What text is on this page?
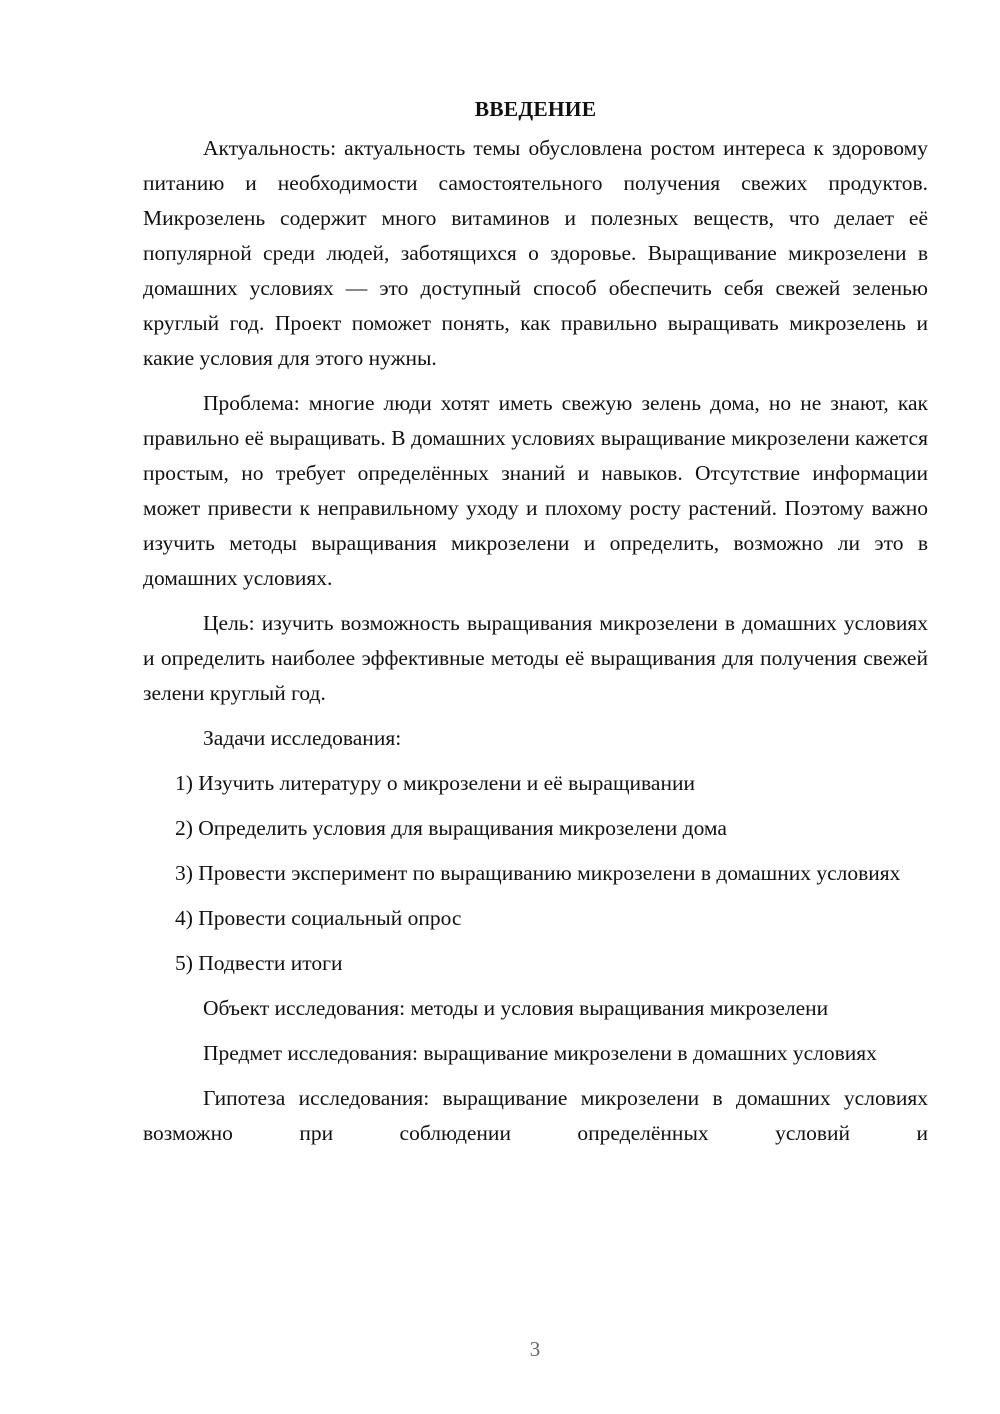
ВВЕДЕНИЕ

Актуальность: актуальность темы обусловлена ростом интереса к здоровому питанию и необходимости самостоятельного получения свежих продуктов. Микрозелень содержит много витаминов и полезных веществ, что делает её популярной среди людей, заботящихся о здоровье. Выращивание микрозелени в домашних условиях — это доступный способ обеспечить себя свежей зеленью круглый год. Проект поможет понять, как правильно выращивать микрозелень и какие условия для этого нужны.

Проблема: многие люди хотят иметь свежую зелень дома, но не знают, как правильно её выращивать. В домашних условиях выращивание микрозелени кажется простым, но требует определённых знаний и навыков. Отсутствие информации может привести к неправильному уходу и плохому росту растений. Поэтому важно изучить методы выращивания микрозелени и определить, возможно ли это в домашних условиях.

Цель: изучить возможность выращивания микрозелени в домашних условиях и определить наиболее эффективные методы её выращивания для получения свежей зелени круглый год.

Задачи исследования:

1) Изучить литературу о микрозелени и её выращивании

2) Определить условия для выращивания микрозелени дома

3) Провести эксперимент по выращиванию микрозелени в домашних условиях

4) Провести социальный опрос

5) Подвести итоги

Объект исследования: методы и условия выращивания микрозелени

Предмет исследования: выращивание микрозелени в домашних условиях

Гипотеза исследования: выращивание микрозелени в домашних условиях возможно при соблюдении определённых условий и

3
